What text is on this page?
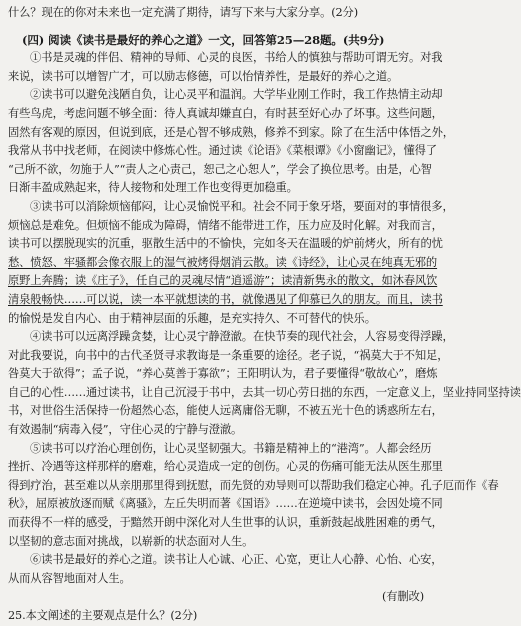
什么？现在的你对未来也一定充满了期待，请写下来与大家分享。(2分)
(四) 阅读《读书是最好的养心之道》一文，回答第25—28题。(共9分)
①书是灵魂的伴侣、精神的导师、心灵的良医，书给人的慎独与帮助可谓无穷。对我
来说，读书可以增智广才，可以励志修德，可以怡情养性，是最好的养心之道。
②读书可以避免浅陋自负，让心灵平和温润。大学毕业刚工作时，我工作热情主动却
有些鸟虎，考虑问题不够全面：待人真诚却嫌直白，有时甚至好心办了坏事。这些问题，
固然有客观的原因，但说到底，还是心智不够成熟，修养不到家。除了在生活中体悟之外，
我常从书中找老师，在阅读中修炼心性。通过读《论语》《菜根谭》《小窗幽记》，懂得了
“己所不欲，勿施于人”“责人之心责己，恕己之心恕人”，学会了换位思考。由是，心智
日渐丰盈成熟起来，待人接物和处理工作也变得更加稳重。
③读书可以消除烦恼郁闷，让心灵愉悦平和。社会不同于象牙塔，要面对的事情很多，
烦恼总是难免。但烦恼不能成为障碍，情绪不能带进工作，压力应及时化解。对我而言，
读书可以摆脱现实的沉重，驱散生活中的不愉快，完如冬天在温暖的炉前烤火，所有的忧
愁、愤怒、牢骚都会像衣服上的湿气被烤得烟消云散。读《诗经》，让心灵在纯真无邪的
原野上奔腾；读《庄子》，任自己的灵魂尽情“逍遥游”；读清新隽永的散文，如沐春风饮
清泉般畅快……可以说，读一本平就想读的书，就像遇见了仰慕已久的朋友。而且，读书
的愉悦是发自内心、由于精神层面的乐趣，是充实持久、不可替代的快乐。
④读书可以远离浮躁贪婪，让心灵宁静澄澈。在快节奏的现代社会，人容易变得浮躁，
对此我要说，向书中的古代圣贤寻求教诲是一条重要的途径。老子说，“祸莫大于不知足，
咎莫大于欲得”；孟子说，“养心莫善于寡欲”；王阳明认为，君子要懂得“敬故心”，磨炼
自己的心性……通过读书，让自己沉浸于书中，去其一切心劳日拙的东西，一定意义上，坚业持同坚持读
书，对世俗生活保持一份超然心态，能使人远离庸俗无聊，不被五光十色的诱惑所左右，
有效遏制“病毒入侵”，守住心灵的宁静与澄澈。
⑤读书可以疗治心理创伤，让心灵坚韧强大。书籍是精神上的“港湾”。人都会经历
挫折、冷遇等这样那样的磨难，给心灵造成一定的创伤。心灵的伤痛可能无法从医生那里
得到疗治，甚至难以从亲朋那里得到抚慰，而先贤的劝导则可以帮助我们稳定心神。孔子厄而作《春
秋》，屈原被放逐而赋《离骚》，左丘失明而著《国语》……在逆境中读书，会因处境不同
而获得不一样的感受，于黯然开朗中深化对人生世事的认识，重新鼓起战胜困难的勇气，
以坚韧的意志面对挑战，以崭新的状态面对人生。
⑥读书是最好的养心之道。读书让人心诚、心正、心宽，更让人心静、心怡、心安，
从而从容智地面对人生。
(有删改)
25.本文阐述的主要观点是什么？(2分)
